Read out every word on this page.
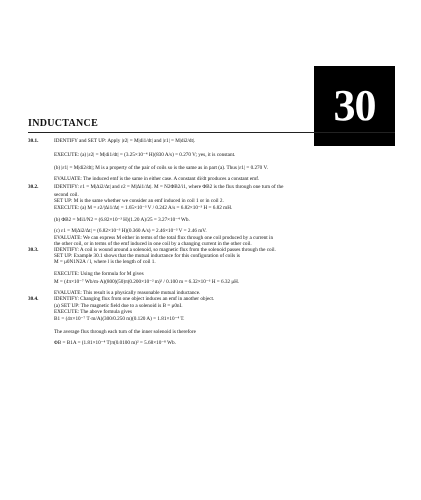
30
INDUCTANCE
30.1.	IDENTIFY and SET UP: Apply |ε2| = M|di1/dt| and |ε1| = M|di2/dt|.
EXECUTE: (a) |ε2| = M|di1/dt| = (3.25×10⁻⁴ H)(830 A/s) = 0.270 V; yes, it is constant.
(b) |ε1| = M|di2/dt|; M is a property of the pair of coils so is the same as in part (a). Thus |ε1| = 0.270 V.
EVALUATE: The induced emf is the same in either case. A constant di/dt produces a constant emf.
30.2.	IDENTIFY: ε1 = M|Δi2/Δt| and ε2 = M|Δi1/Δt|. M = N2ΦB2/i1, where ΦB2 is the flux through one turn of the
second coil.
SET UP: M is the same whether we consider an emf induced in coil 1 or in coil 2.
EXECUTE: (a) M = ε2/|Δi1/Δt| = 1.65×10⁻³ V / 0.242 A/s = 6.82×10⁻³ H = 6.82 mH.
(b) ΦB2 = Mi1/N2 = (6.82×10⁻³ H)(1.20 A)/25 = 3.27×10⁻⁴ Wb.
(c) ε1 = M|Δi2/Δt| = (6.82×10⁻³ H)(0.360 A/s) = 2.46×10⁻³ V = 2.46 mV.
EVALUATE: We can express M either in terms of the total flux through one coil produced by a current in
the other coil, or in terms of the emf induced in one coil by a changing current in the other coil.
30.3.	IDENTIFY: A coil is wound around a solenoid, so magnetic flux from the solenoid passes through the coil.
SET UP: Example 30.1 shows that the mutual inductance for this configuration of coils is
M = μ0N1N2A / l, where l is the length of coil 1.
EXECUTE: Using the formula for M gives
M = (4π×10⁻⁷ Wb/m·A)(800)(50)π(0.200×10⁻² m)² / 0.100 m = 6.32×10⁻⁶ H = 6.32 μH.
EVALUATE: This result is a physically reasonable mutual inductance.
30.4.	IDENTIFY: Changing flux from one object induces an emf in another object.
(a) SET UP: The magnetic field due to a solenoid is B = μ0nI.
EXECUTE: The above formula gives
B1 = (4π×10⁻⁷ T·m/A)(300/0.250 m)(0.120 A) = 1.81×10⁻⁴ T.
The average flux through each turn of the inner solenoid is therefore
ΦB = B1A = (1.81×10⁻⁴ T)π(0.0100 m)² = 5.68×10⁻⁸ Wb.
